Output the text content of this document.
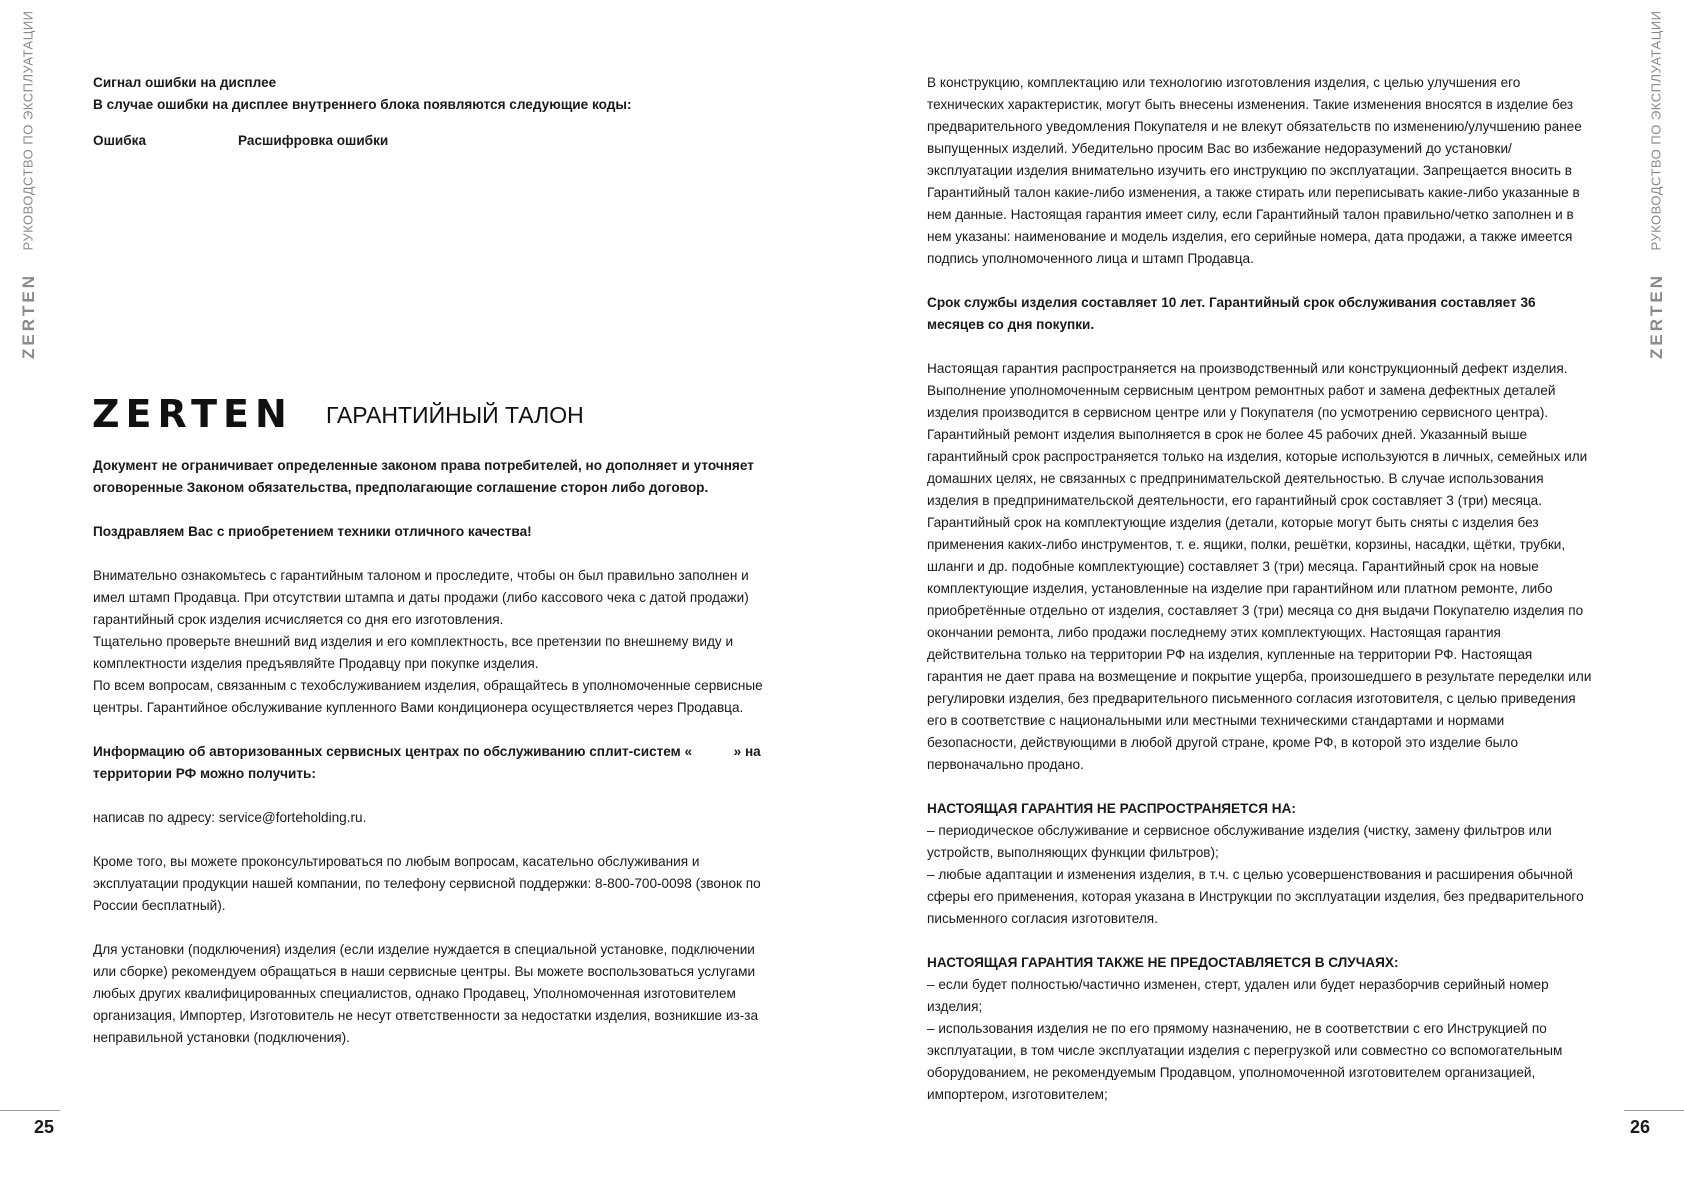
РУКОВОДСТВО ПО ЭКСПЛУАТАЦИИ
ZERTEN

Сигнал ошибки на дисплее

В случае ошибки на дисплее внутреннего блока появляются следующие коды:

Ошибка	Расшифровка ошибки
ZERTEN ГАРАНТИЙНЫЙ ТАЛОН

Документ не ограничивает определенные законом права потребителей, но дополняет и уточняет оговоренные Законом обязательства, предполагающие соглашение сторон либо договор.

Поздравляем Вас с приобретением техники отличного качества!

Внимательно ознакомьтесь с гарантийным талоном и проследите, чтобы он был правильно заполнен и имел штамп Продавца. При отсутствии штампа и даты продажи (либо кассового чека с датой продажи) гарантийный срок изделия исчисляется со дня его изготовления.

Тщательно проверьте внешний вид изделия и его комплектность, все претензии по внешнему виду и комплектности изделия предъявляйте Продавцу при покупке изделия.

По всем вопросам, связанным с техобслуживанием изделия, обращайтесь в уполномоченные сервисные центры. Гарантийное обслуживание купленного Вами кондиционера осуществляется через Продавца.

Информацию об авторизованных сервисных центрах по обслуживанию сплит-систем «           » на территории РФ можно получить:

написав по адресу: service@forteholding.ru.

Кроме того, вы можете проконсультироваться по любым вопросам, касательно обслуживания и эксплуатации продукции нашей компании, по телефону сервисной поддержки: 8-800-700-0098 (звонок по России бесплатный).

Для установки (подключения) изделия (если изделие нуждается в специальной установке, подключении или сборке) рекомендуем обращаться в наши сервисные центры. Вы можете воспользоваться услугами любых других квалифицированных специалистов, однако Продавец, Уполномоченная изготовителем организация, Импортер, Изготовитель не несут ответственности за недостатки изделия, возникшие из-за неправильной установки (подключения).

25

В конструкцию, комплектацию или технологию изготовления изделия, с целью улучшения его технических характеристик, могут быть внесены изменения. Такие изменения вносятся в изделие без предварительного уведомления Покупателя и не влекут обязательств по изменению/улучшению ранее выпущенных изделий. Убедительно просим Вас во избежание недоразумений до установки/эксплуатации изделия внимательно изучить его инструкцию по эксплуатации. Запрещается вносить в Гарантийный талон какие-либо изменения, а также стирать или переписывать какие-либо указанные в нем данные. Настоящая гарантия имеет силу, если Гарантийный талон правильно/четко заполнен и в нем указаны: наименование и модель изделия, его серийные номера, дата продажи, а также имеется подпись уполномоченного лица и штамп Продавца.

Срок службы изделия составляет 10 лет. Гарантийный срок обслуживания составляет 36 месяцев со дня покупки.

Настоящая гарантия распространяется на производственный или конструкционный дефект изделия. Выполнение уполномоченным сервисным центром ремонтных работ и замена дефектных деталей изделия производится в сервисном центре или у Покупателя (по усмотрению сервисного центра). Гарантийный ремонт изделия выполняется в срок не более 45 рабочих дней. Указанный выше гарантийный срок распространяется только на изделия, которые используются в личных, семейных или домашних целях, не связанных с предпринимательской деятельностью. В случае использования изделия в предпринимательской деятельности, его гарантийный срок составляет 3 (три) месяца. Гарантийный срок на комплектующие изделия (детали, которые могут быть сняты с изделия без применения каких-либо инструментов, т. е. ящики, полки, решётки, корзины, насадки, щётки, трубки, шланги и др. подобные комплектующие) составляет 3 (три) месяца. Гарантийный срок на новые комплектующие изделия, установленные на изделие при гарантийном или платном ремонте, либо приобретённые отдельно от изделия, составляет 3 (три) месяца со дня выдачи Покупателю изделия по окончании ремонта, либо продажи последнему этих комплектующих. Настоящая гарантия действительна только на территории РФ на изделия, купленные на территории РФ. Настоящая гарантия не дает права на возмещение и покрытие ущерба, произошедшего в результате переделки или регулировки изделия, без предварительного письменного согласия изготовителя, с целью приведения его в соответствие с национальными или местными техническими стандартами и нормами безопасности, действующими в любой другой стране, кроме РФ, в которой это изделие было первоначально продано.

НАСТОЯЩАЯ ГАРАНТИЯ НЕ РАСПРОСТРАНЯЕТСЯ НА:

– периодическое обслуживание и сервисное обслуживание изделия (чистку, замену фильтров или устройств, выполняющих функции фильтров);

– любые адаптации и изменения изделия, в т.ч. с целью усовершенствования и расширения обычной сферы его применения, которая указана в Инструкции по эксплуатации изделия, без предварительного письменного согласия изготовителя.

НАСТОЯЩАЯ ГАРАНТИЯ ТАКЖЕ НЕ ПРЕДОСТАВЛЯЕТСЯ В СЛУЧАЯХ:

– если будет полностью/частично изменен, стерт, удален или будет неразборчив серийный номер изделия;

– использования изделия не по его прямому назначению, не в соответствии с его Инструкцией по эксплуатации, в том числе эксплуатации изделия с перегрузкой или совместно со вспомогательным оборудованием, не рекомендуемым Продавцом, уполномоченной изготовителем организацией, импортером, изготовителем;

РУКОВОДСТВО ПО ЭКСПЛУАТАЦИИ
ZERTEN
26
